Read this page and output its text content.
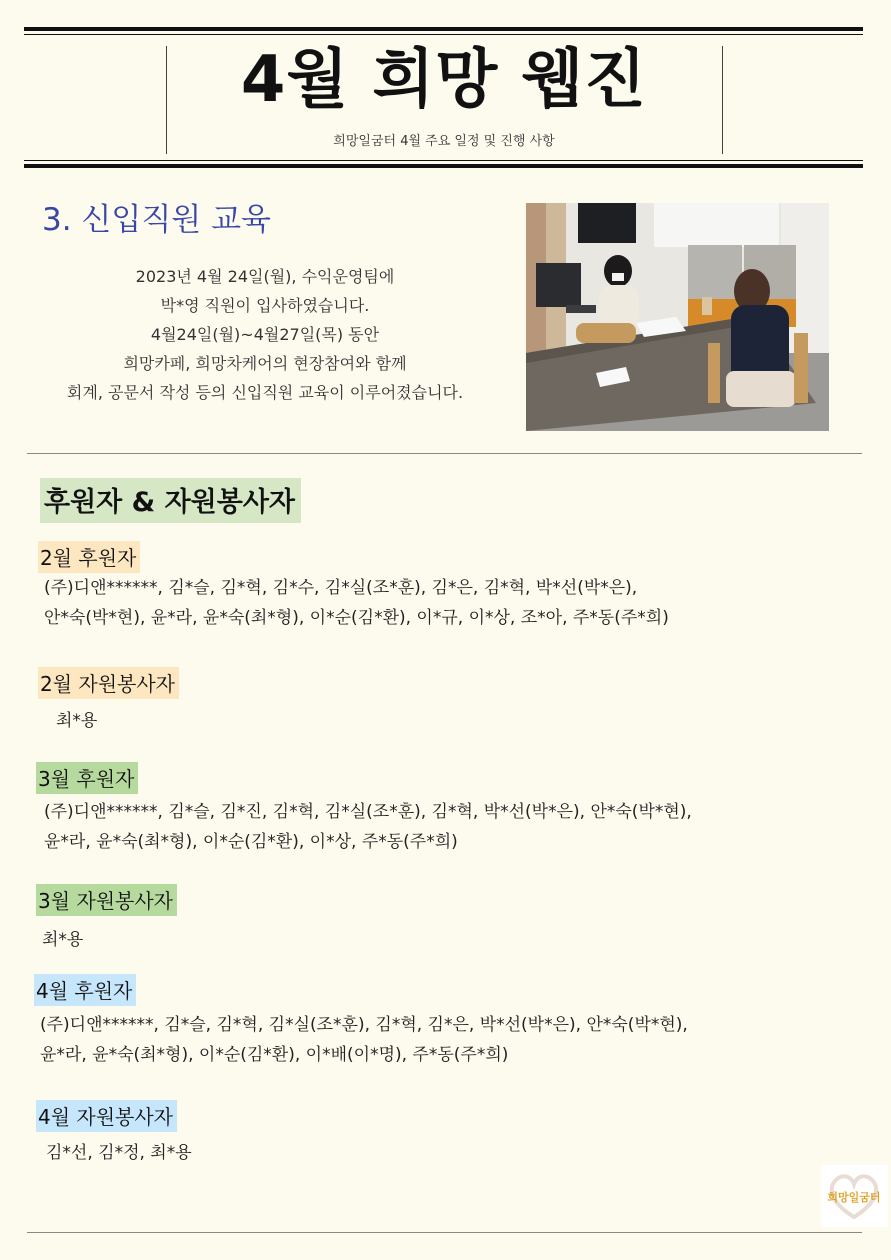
4월 희망 웹진
희망일굼터 4월 주요 일정 및 진행 사항
3. 신입직원 교육
2023년 4월 24일(월), 수익운영팀에
박*영 직원이 입사하였습니다.
4월24일(월)~4월27일(목) 동안
희망카페, 희망차케어의 현장참여와 함께
회계, 공문서 작성 등의 신입직원 교육이 이루어졌습니다.
후원자 & 자원봉사자
2월 후원자
(주)디앤******, 김*슬, 김*혁, 김*수, 김*실(조*훈), 김*은, 김*혁, 박*선(박*은),
안*숙(박*현), 윤*라, 윤*숙(최*형), 이*순(김*환), 이*규, 이*상, 조*아, 주*동(주*희)
2월 자원봉사자
최*용
3월 후원자
(주)디앤******, 김*슬, 김*진, 김*혁, 김*실(조*훈), 김*혁, 박*선(박*은), 안*숙(박*현),
윤*라, 윤*숙(최*형), 이*순(김*환), 이*상, 주*동(주*희)
3월 자원봉사자
최*용
4월 후원자
(주)디앤******, 김*슬, 김*혁, 김*실(조*훈), 김*혁, 김*은, 박*선(박*은), 안*숙(박*현),
윤*라, 윤*숙(최*형), 이*순(김*환), 이*배(이*명), 주*동(주*희)
4월 자원봉사자
김*선, 김*정, 최*용
희망일굼터
